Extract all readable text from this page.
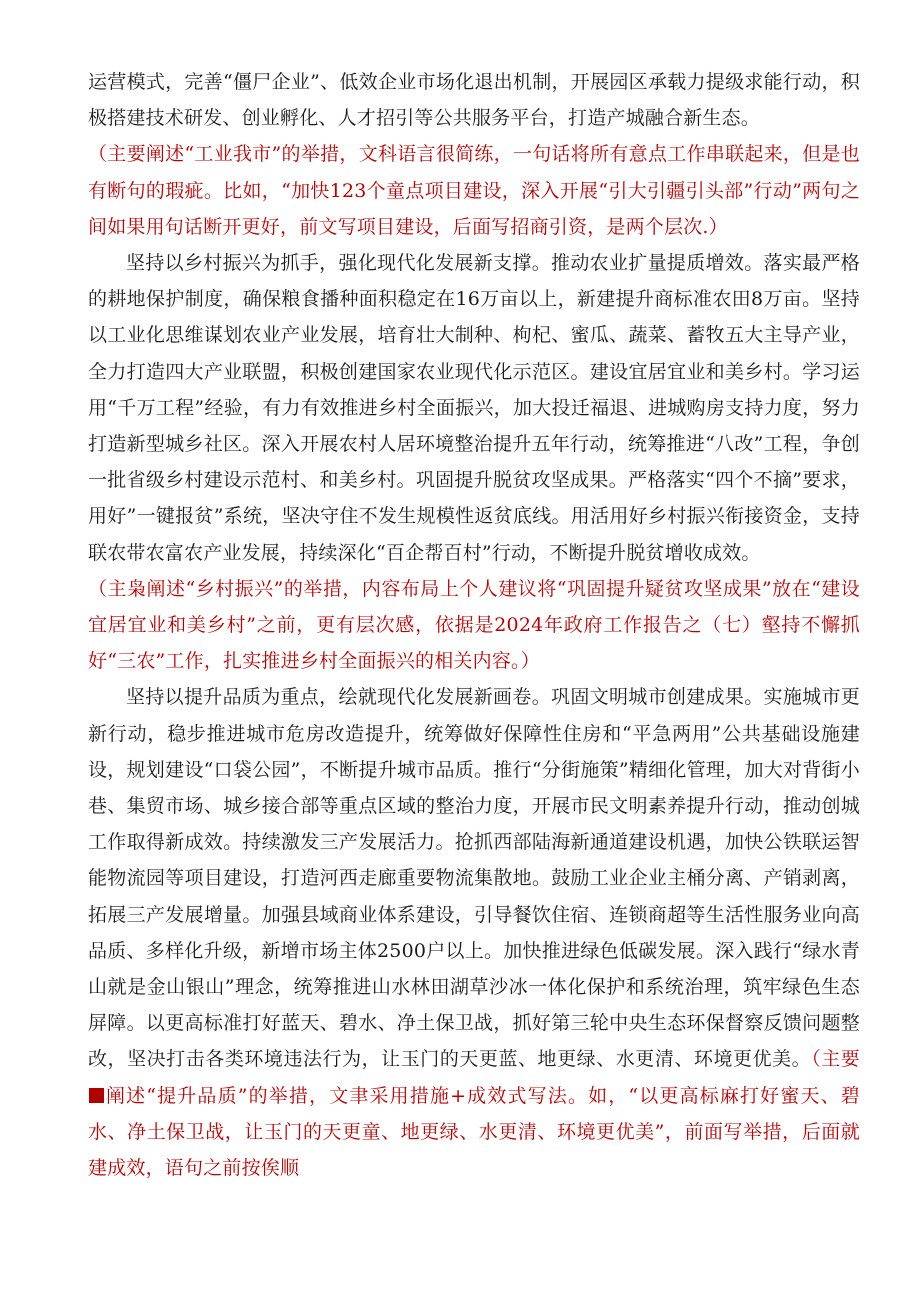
运营模式，完善“僵尸企业”、低效企业市场化退出机制，开展园区承载力提级求能行动，积极搭建技术研发、创业孵化、人才招引等公共服务平台，打造产城融合新生态。

（主要阐述“工业我市”的举措，文科语言很简练，一句话将所有意点工作串联起来，但是也有断句的瑕疵。比如，“加快123个童点项目建设，深入开展“引大引疆引头部”行动”两句之间如果用句话断开更好，前文写项目建设，后面写招商引资，是两个层次.）

坚持以乡村振兴为抓手，强化现代化发展新支撑。推动农业扩量提质增效。落实最严格的耕地保护制度，确保粮食播种面积稳定在16万亩以上，新建提升商标准农田8万亩。坚持以工业化思维谋划农业产业发展，培育壮大制种、枸杞、蜜瓜、蔬菜、蓄牧五大主导产业，全力打造四大产业联盟，积极创建国家农业现代化示范区。建设宜居宜业和美乡村。学习运用“千万工程”经验，有力有效推进乡村全面振兴，加大投迁福退、进城购房支持力度，努力打造新型城乡社区。深入开展农村人居环境整治提升五年行动，统筹推进“八改”工程，争创一批省级乡村建设示范村、和美乡村。巩固提升脱贫攻坚成果。严格落实“四个不摘”要求，用好”一键报贫”系统，坚决守住不发生规模性返贫底线。用活用好乡村振兴衔接资金，支持联农带农富农产业发展，持续深化“百企帮百村”行动，不断提升脱贫增收成效。

（主枭阐述“乡村振兴”的举措，内容布局上个人建议将“巩固提升疑贫攻坚成果”放在“建设宜居宜业和美乡村”之前，更有层次感，依据是2024年政府工作报告之（七）壑持不懈抓好“三农”工作，扎实推进乡村全面振兴的相关内容。）

坚持以提升品质为重点，绘就现代化发展新画卷。巩固文明城市创建成果。实施城市更新行动，稳步推进城市危房改造提升，统筹做好保障性住房和“平急两用”公共基础设施建设，规划建设“口袋公园”，不断提升城市品质。推行“分街施策”精细化管理，加大对背街小巷、集贸市场、城乡接合部等重点区域的整治力度，开展市民文明素养提升行动，推动创城工作取得新成效。持续激发三产发展活力。抢抓西部陆海新通道建设机遇，加快公铁联运智能物流园等项目建设，打造河西走廊重要物流集散地。鼓励工业企业主桶分离、产销剥离，拓展三产发展增量。加强县域商业体系建设，引导餐饮住宿、连锁商超等生活性服务业向高品质、多样化升级，新增市场主体2500户以上。加快推进绿色低碳发展。深入践行“绿水青山就是金山银山”理念，统筹推进山水林田湖草沙冰一体化保护和系统治理，筑牢绿色生态屏障。以更高标准打好蓝天、碧水、净土保卫战，抓好第三轮中央生态环保督察反馈问题整改，坚决打击各类环境违法行为，让玉门的天更蓝、地更绿、水更清、环境更优美。（主要阐述“提升品质”的举措，文聿采用措施+成效式写法。如，“以更高标麻打好蜜天、碧水、净土保卫战，让玉门的天更童、地更绿、水更清、环境更优美”，前面写举措，后面就建成效，语句之前按俟顺
